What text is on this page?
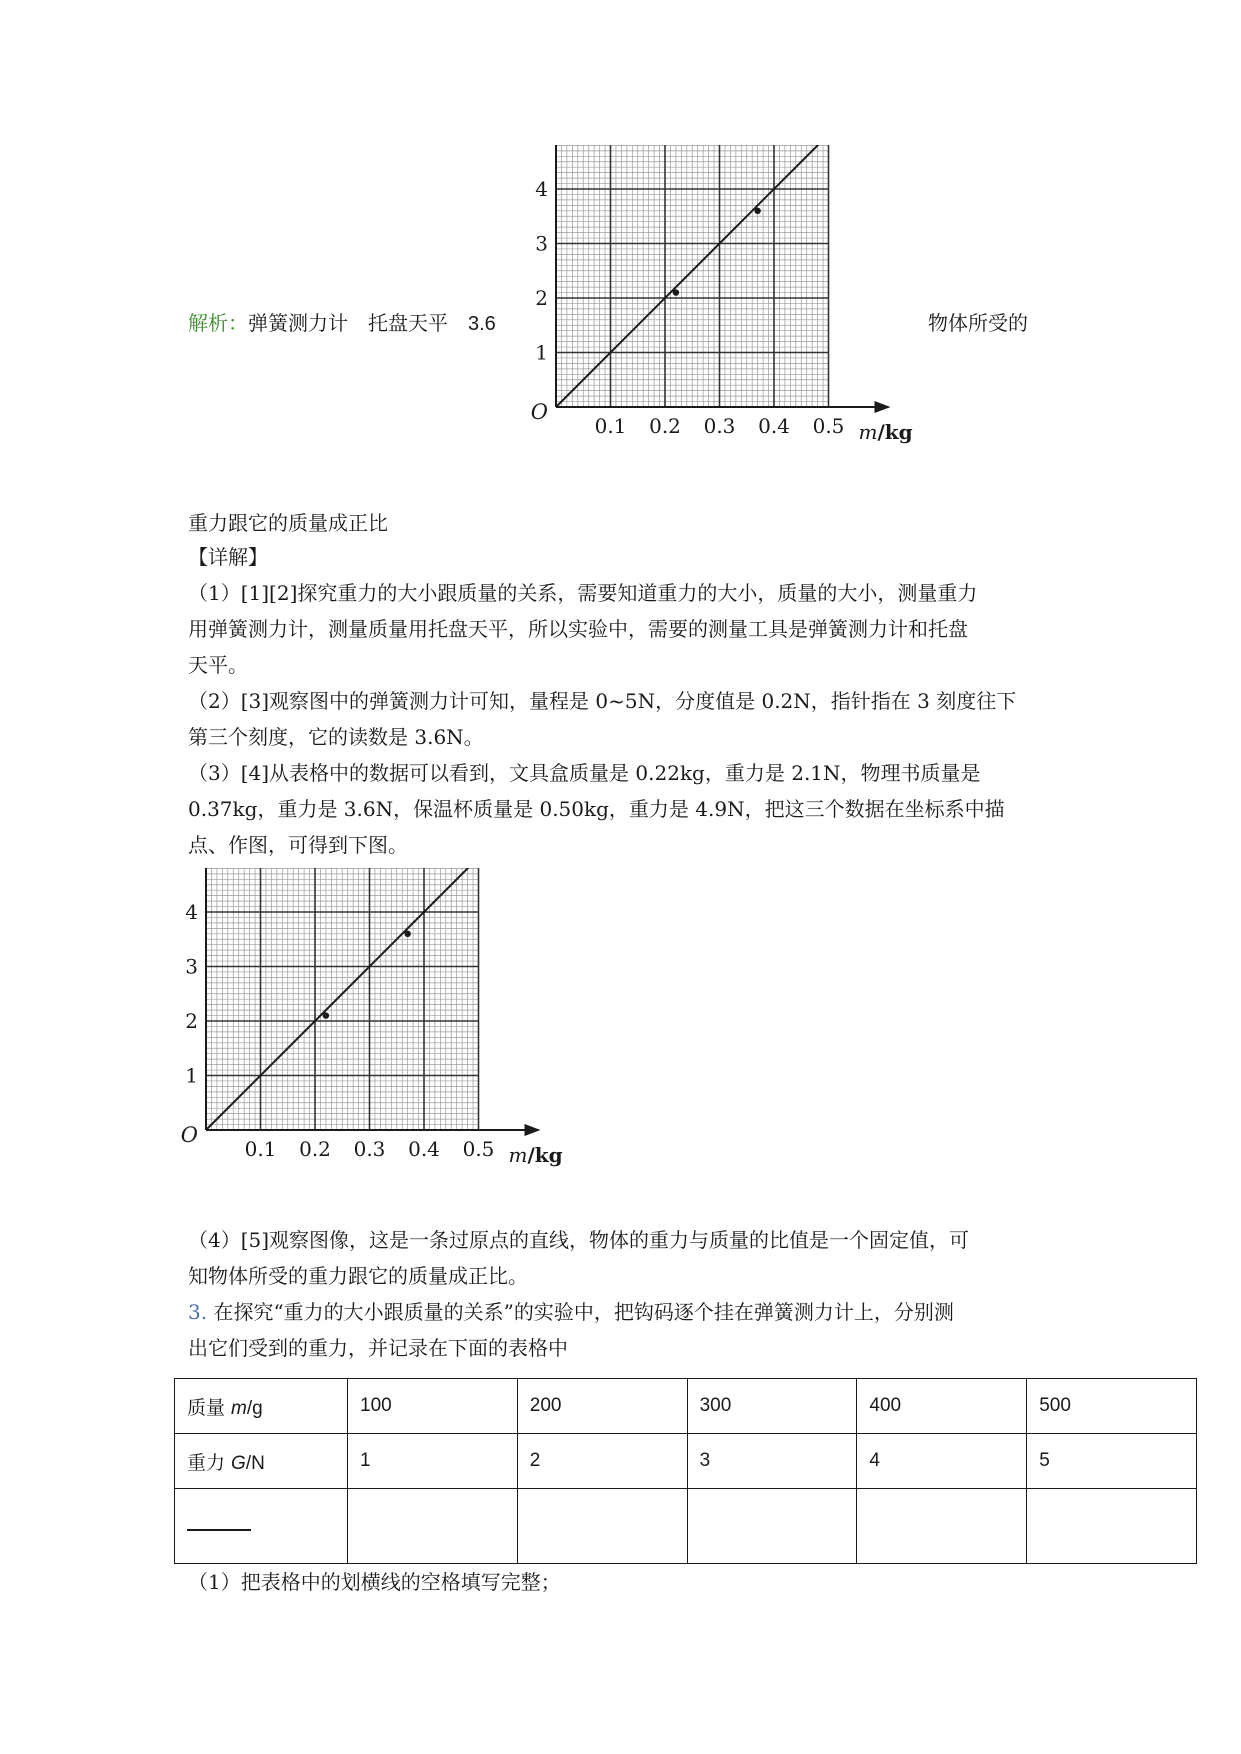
解析：弹簧测力计 托盘天平 3.6	物体所受的
0.1 0.2 0.3 0.4 0.5
1
2
3
4
O
m/kg
重力跟它的质量成正比
【详解】
（1）[1][2]探究重力的大小跟质量的关系，需要知道重力的大小，质量的大小，测量重力
用弹簧测力计，测量质量用托盘天平，所以实验中，需要的测量工具是弹簧测力计和托盘
天平。
（2）[3]观察图中的弹簧测力计可知，量程是 0~5N，分度值是 0.2N，指针指在 3 刻度往下
第三个刻度，它的读数是 3.6N。
（3）[4]从表格中的数据可以看到，文具盒质量是 0.22kg，重力是 2.1N，物理书质量是
0.37kg，重力是 3.6N，保温杯质量是 0.50kg，重力是 4.9N，把这三个数据在坐标系中描
点、作图，可得到下图。
0.1 0.2 0.3 0.4 0.5
1
2
3
4
O
m/kg
（4）[5]观察图像，这是一条过原点的直线，物体的重力与质量的比值是一个固定值，可
知物体所受的重力跟它的质量成正比。
3. 在探究“重力的大小跟质量的关系”的实验中，把钩码逐个挂在弹簧测力计上，分别测
出它们受到的重力，并记录在下面的表格中
质量 m/g	100	200	300	400	500
重力 G/N	1	2	3	4	5

（1）把表格中的划横线的空格填写完整；
